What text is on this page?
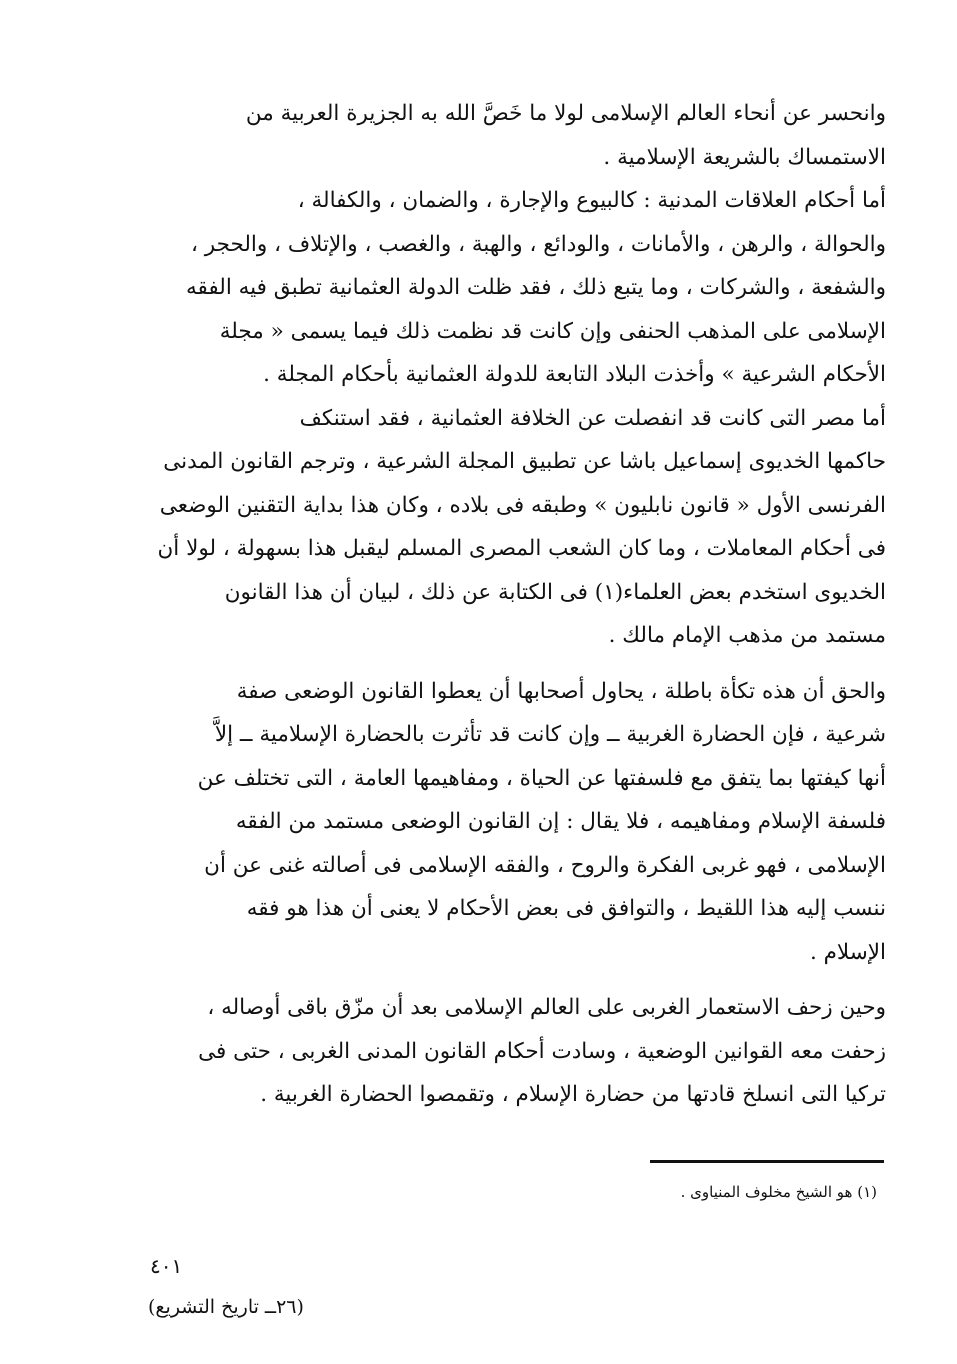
وانحسر عن أنحاء العالم الإسلامى لولا ما خَصَّ الله به الجزيرة العربية من
الاستمساك بالشريعة الإسلامية .
أما أحكام العلاقات المدنية : كالبيوع والإجارة ، والضمان ، والكفالة ،
والحوالة ، والرهن ، والأمانات ، والودائع ، والهبة ، والغصب ، والإتلاف ، والحجر ،
والشفعة ، والشركات ، وما يتبع ذلك ، فقد ظلت الدولة العثمانية تطبق فيه الفقه
الإسلامى على المذهب الحنفى وإن كانت قد نظمت ذلك فيما يسمى « مجلة
الأحكام الشرعية » وأخذت البلاد التابعة للدولة العثمانية بأحكام المجلة .
أما مصر التى كانت قد انفصلت عن الخلافة العثمانية ، فقد استنكف
حاكمها الخديوى إسماعيل باشا عن تطبيق المجلة الشرعية ، وترجم القانون المدنى
الفرنسى الأول « قانون نابليون » وطبقه فى بلاده ، وكان هذا بداية التقنين الوضعى
فى أحكام المعاملات ، وما كان الشعب المصرى المسلم ليقبل هذا بسهولة ، لولا أن
الخديوى استخدم بعض العلماء(١) فى الكتابة عن ذلك ، لبيان أن هذا القانون
مستمد من مذهب الإمام مالك .
والحق أن هذه تكأة باطلة ، يحاول أصحابها أن يعطوا القانون الوضعى صفة
شرعية ، فإن الحضارة الغربية ــ وإن كانت قد تأثرت بالحضارة الإسلامية ــ إلاَّ
أنها كيفتها بما يتفق مع فلسفتها عن الحياة ، ومفاهيمها العامة ، التى تختلف عن
فلسفة الإسلام ومفاهيمه ، فلا يقال : إن القانون الوضعى مستمد من الفقه
الإسلامى ، فهو غربى الفكرة والروح ، والفقه الإسلامى فى أصالته غنى عن أن
ننسب إليه هذا اللقيط ، والتوافق فى بعض الأحكام لا يعنى أن هذا هو فقه
الإسلام .
وحين زحف الاستعمار الغربى على العالم الإسلامى بعد أن مزّق باقى أوصاله ،
زحفت معه القوانين الوضعية ، وسادت أحكام القانون المدنى الغربى ، حتى فى
تركيا التى انسلخ قادتها من حضارة الإسلام ، وتقمصوا الحضارة الغربية .
(١) هو الشيخ مخلوف المنياوى .
٤٠١
(٢٦ــ تاريخ التشريع)
